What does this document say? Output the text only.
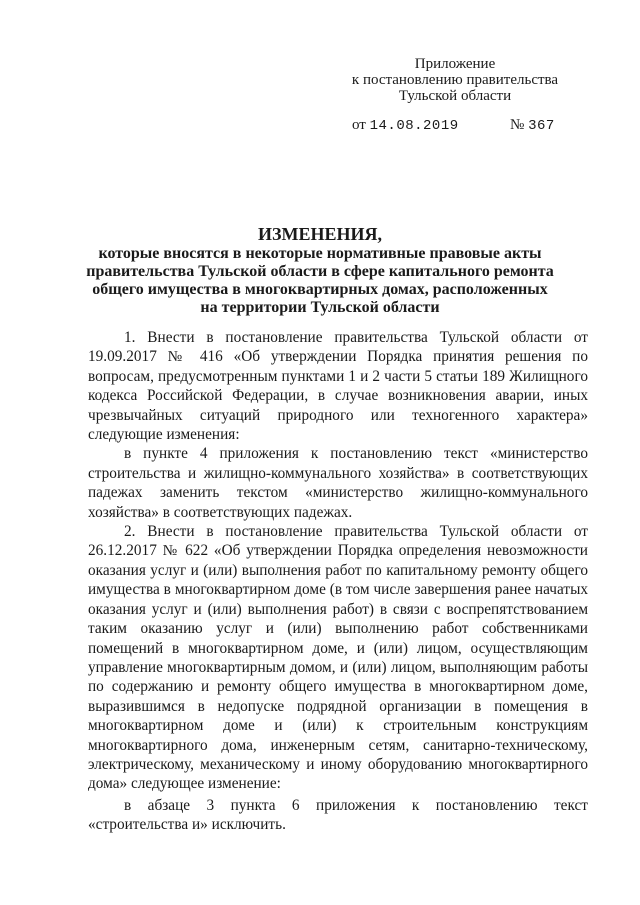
Приложение
к постановлению правительства
Тульской области
от 14.08.2019	№ 367
ИЗМЕНЕНИЯ,
которые вносятся в некоторые нормативные правовые акты
правительства Тульской области в сфере капитального ремонта
общего имущества в многоквартирных домах, расположенных
на территории Тульской области

1. Внести в постановление правительства Тульской области от 19.09.2017 № 416 «Об утверждении Порядка принятия решения по вопросам, предусмотренным пунктами 1 и 2 части 5 статьи 189 Жилищного кодекса Российской Федерации, в случае возникновения аварии, иных чрезвычайных ситуаций природного или техногенного характера» следующие изменения:

в пункте 4 приложения к постановлению текст «министерство строительства и жилищно-коммунального хозяйства» в соответствующих падежах заменить текстом «министерство жилищно-коммунального хозяйства» в соответствующих падежах.

2. Внести в постановление правительства Тульской области от 26.12.2017 № 622 «Об утверждении Порядка определения невозможности оказания услуг и (или) выполнения работ по капитальному ремонту общего имущества в многоквартирном доме (в том числе завершения ранее начатых оказания услуг и (или) выполнения работ) в связи с воспрепятствованием таким оказанию услуг и (или) выполнению работ собственниками помещений в многоквартирном доме, и (или) лицом, осуществляющим управление многоквартирным домом, и (или) лицом, выполняющим работы по содержанию и ремонту общего имущества в многоквартирном доме, выразившимся в недопуске подрядной организации в помещения в многоквартирном доме и (или) к строительным конструкциям многоквартирного дома, инженерным сетям, санитарно-техническому, электрическому, механическому и иному оборудованию многоквартирного дома» следующее изменение:

в абзаце 3 пункта 6 приложения к постановлению текст «строительства и» исключить.
